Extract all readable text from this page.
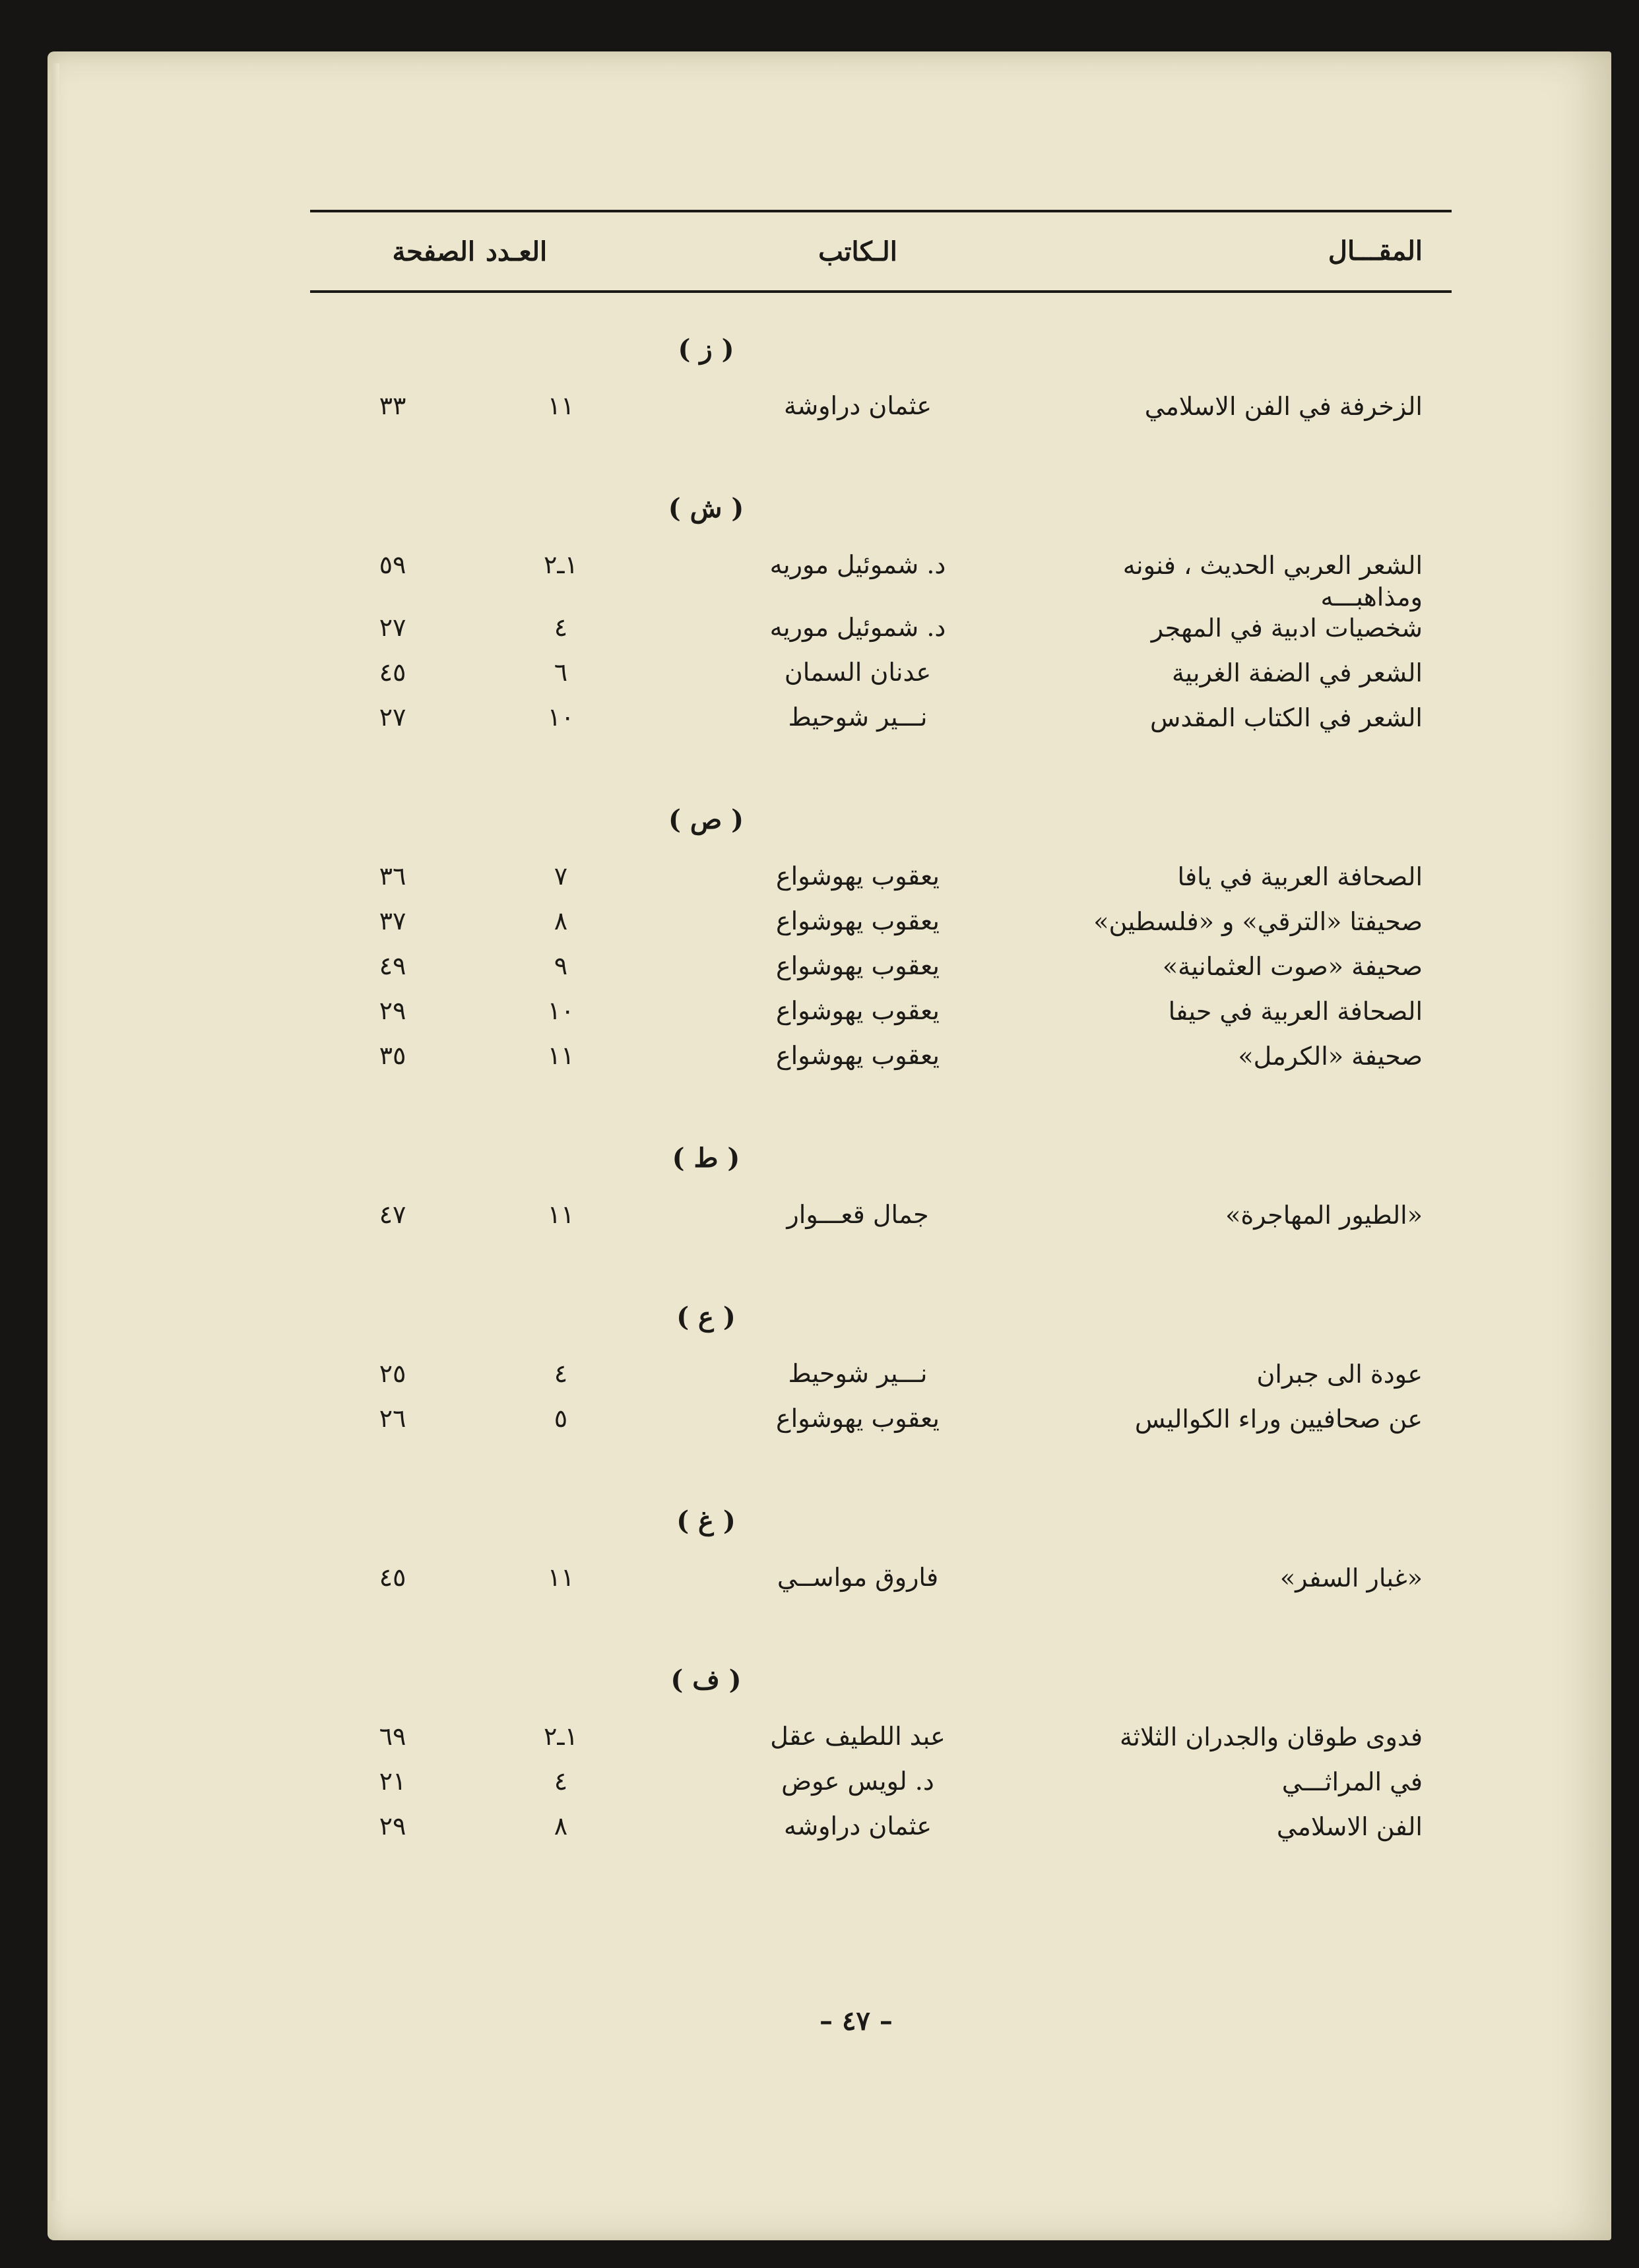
المقـــال
الـكاتب
العـدد
الصفحة
( ز )
الزخرفة في الفن الاسلامي
عثمان دراوشة
١١
٣٣
( ش )
الشعر العربي الحديث ، فنونه ومذاهبـــه
د. شموئيل موريه
١ـ٢
٥٩
شخصيات ادبية في المهجر
د. شموئيل موريه
٤
٢٧
الشعر في الضفة الغربية
عدنان السمان
٦
٤٥
الشعر في الكتاب المقدس
نـــير شوحيط
١٠
٢٧
( ص )
الصحافة العربية في يافا
يعقوب يهوشواع
٧
٣٦
صحيفتا «الترقي» و «فلسطين»
يعقوب يهوشواع
٨
٣٧
صحيفة «صوت العثمانية»
يعقوب يهوشواع
٩
٤٩
الصحافة العربية في حيفا
يعقوب يهوشواع
١٠
٢٩
صحيفة «الكرمل»
يعقوب يهوشواع
١١
٣٥
( ط )
«الطيور المهاجرة»
جمال قعـــوار
١١
٤٧
( ع )
عودة الى جبران
نـــير شوحيط
٤
٢٥
عن صحافيين وراء الكواليس
يعقوب يهوشواع
٥
٢٦
( غ )
«غبار السفر»
فاروق مواســي
١١
٤٥
( ف )
فدوى طوقان والجدران الثلاثة
عبد اللطيف عقل
١ـ٢
٦٩
في المراثـــي
د. لويس عوض
٤
٢١
الفن الاسلامي
عثمان دراوشه
٨
٢٩
– ٤٧ –
